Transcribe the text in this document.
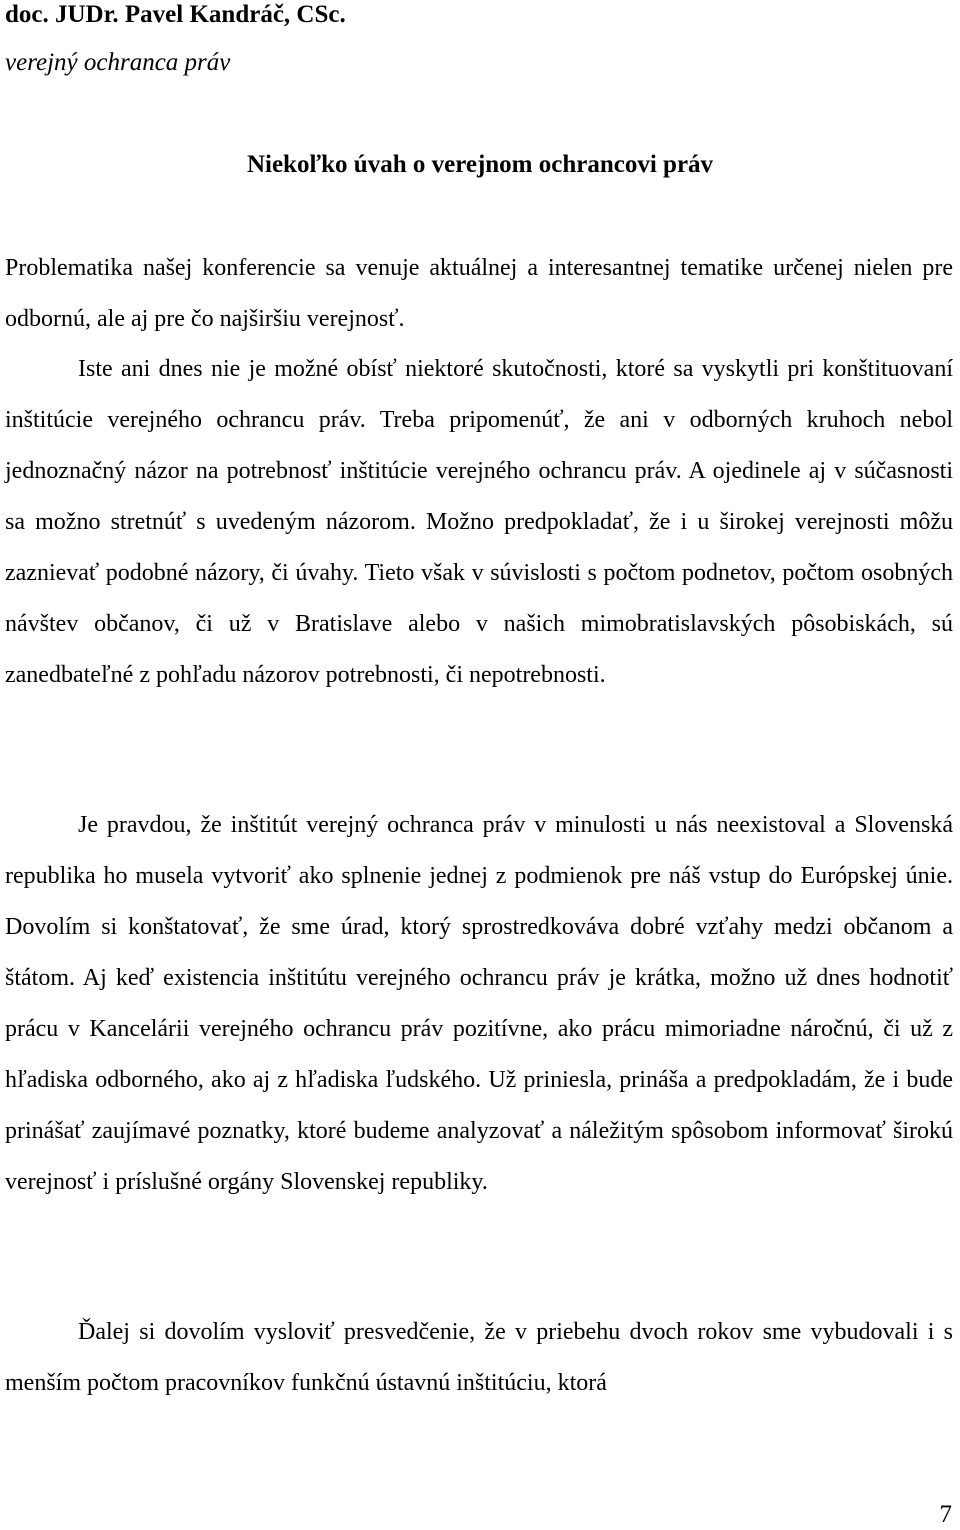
doc. JUDr. Pavel Kandráč, CSc.
verejný ochranca práv
Niekoľko úvah o verejnom ochrancovi práv

Problematika našej konferencie sa venuje aktuálnej a interesantnej tematike určenej nielen pre odbornú, ale aj pre čo najširšiu verejnosť.

Iste ani dnes nie je možné obísť niektoré skutočnosti, ktoré sa vyskytli pri konštituovaní inštitúcie verejného ochrancu práv. Treba pripomenúť, že ani v odborných kruhoch nebol jednoznačný názor na potrebnosť inštitúcie verejného ochrancu práv. A ojedinele aj v súčasnosti sa možno stretnúť s uvedeným názorom. Možno predpokladať, že i u širokej verejnosti môžu zaznievať podobné názory, či úvahy. Tieto však v súvislosti s počtom podnetov, počtom osobných návštev občanov, či už v Bratislave alebo v našich mimobratislavských pôsobiskách, sú zanedbateľné z pohľadu názorov potrebnosti, či nepotrebnosti.

Je pravdou, že inštitút verejný ochranca práv v minulosti u nás neexistoval a Slovenská republika ho musela vytvoriť ako splnenie jednej z podmienok pre náš vstup do Európskej únie. Dovolím si konštatovať, že sme úrad, ktorý sprostredkováva dobré vzťahy medzi občanom a štátom. Aj keď existencia inštitútu verejného ochrancu práv je krátka, možno už dnes hodnotiť prácu v Kancelárii verejného ochrancu práv pozitívne, ako prácu mimoriadne náročnú, či už z hľadiska odborného, ako aj z hľadiska ľudského. Už priniesla, prináša a predpokladám, že i bude prinášať zaujímavé poznatky, ktoré budeme analyzovať a náležitým spôsobom informovať širokú verejnosť i príslušné orgány Slovenskej republiky.

Ďalej si dovolím vysloviť presvedčenie, že v priebehu dvoch rokov sme vybudovali i s menším počtom pracovníkov funkčnú ústavnú inštitúciu, ktorá

7
